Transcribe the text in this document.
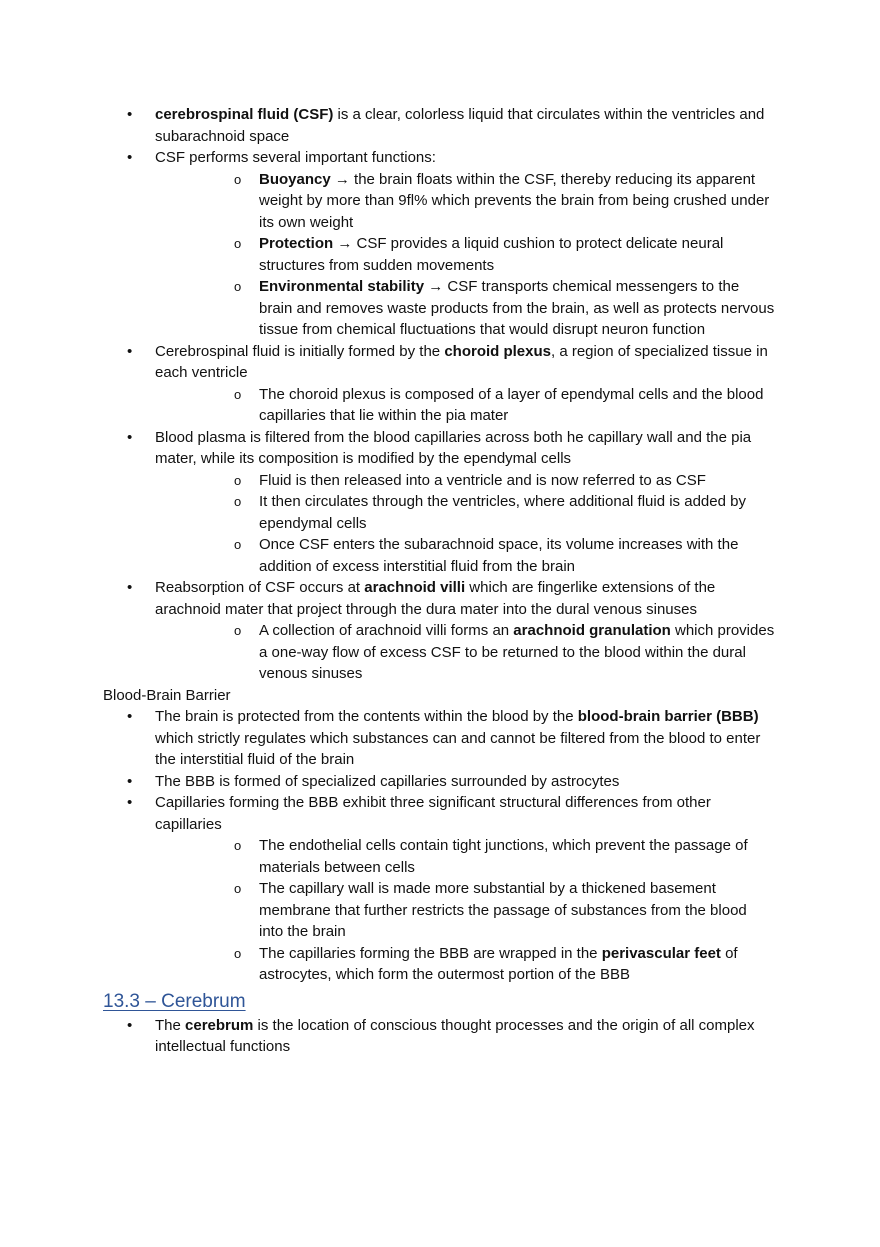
• cerebrospinal fluid (CSF) is a clear, colorless liquid that circulates within the ventricles and subarachnoid space
• CSF performs several important functions:
o Buoyancy → the brain floats within the CSF, thereby reducing its apparent weight by more than 9fl% which prevents the brain from being crushed under its own weight
o Protection → CSF provides a liquid cushion to protect delicate neural structures from sudden movements
o Environmental stability → CSF transports chemical messengers to the brain and removes waste products from the brain, as well as protects nervous tissue from chemical fluctuations that would disrupt neuron function
• Cerebrospinal fluid is initially formed by the choroid plexus, a region of specialized tissue in each ventricle
o The choroid plexus is composed of a layer of ependymal cells and the blood capillaries that lie within the pia mater
• Blood plasma is filtered from the blood capillaries across both he capillary wall and the pia mater, while its composition is modified by the ependymal cells
o Fluid is then released into a ventricle and is now referred to as CSF
o It then circulates through the ventricles, where additional fluid is added by ependymal cells
o Once CSF enters the subarachnoid space, its volume increases with the addition of excess interstitial fluid from the brain
• Reabsorption of CSF occurs at arachnoid villi which are fingerlike extensions of the arachnoid mater that project through the dura mater into the dural venous sinuses
o A collection of arachnoid villi forms an arachnoid granulation which provides a one-way flow of excess CSF to be returned to the blood within the dural venous sinuses
Blood-Brain Barrier
• The brain is protected from the contents within the blood by the blood-brain barrier (BBB) which strictly regulates which substances can and cannot be filtered from the blood to enter the interstitial fluid of the brain
• The BBB is formed of specialized capillaries surrounded by astrocytes
• Capillaries forming the BBB exhibit three significant structural differences from other capillaries
o The endothelial cells contain tight junctions, which prevent the passage of materials between cells
o The capillary wall is made more substantial by a thickened basement membrane that further restricts the passage of substances from the blood into the brain
o The capillaries forming the BBB are wrapped in the perivascular feet of astrocytes, which form the outermost portion of the BBB
13.3 – Cerebrum
• The cerebrum is the location of conscious thought processes and the origin of all complex intellectual functions
